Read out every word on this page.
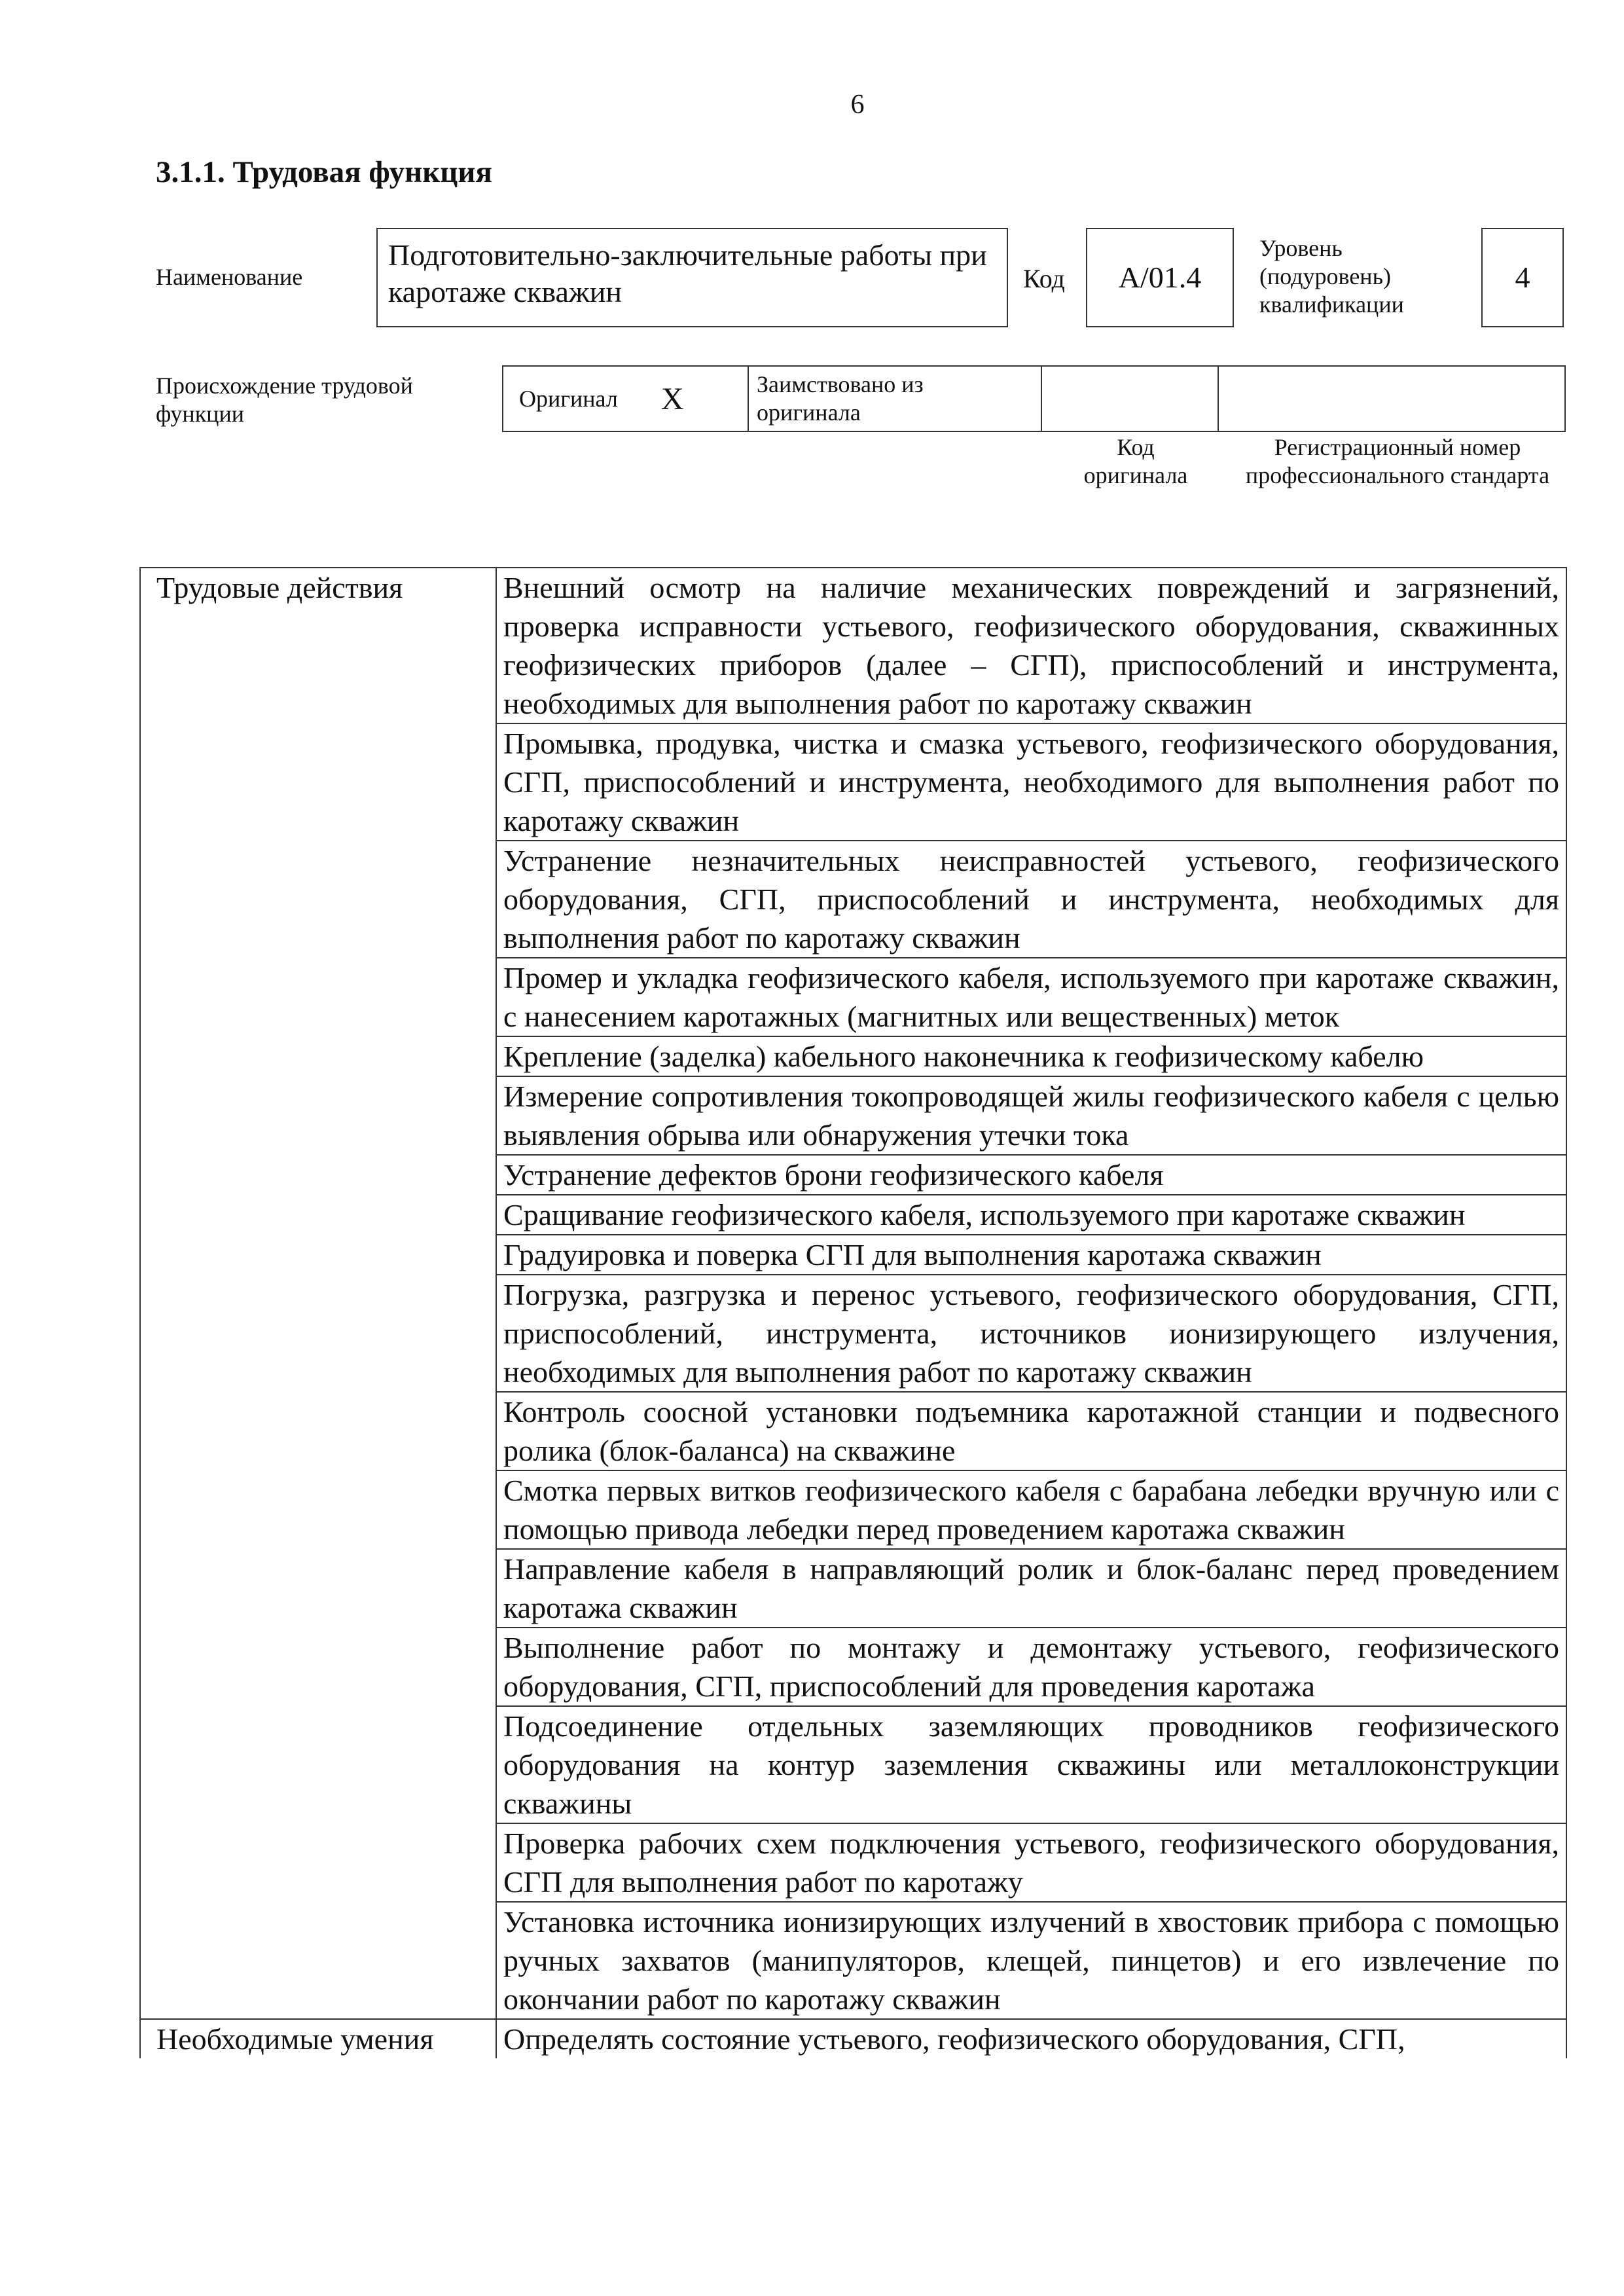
6
3.1.1. Трудовая функция
Наименование
Подготовительно-заключительные работы при каротаже скважин	Код	A/01.4
Уровень (подуровень) квалификации
4
Происхождение трудовой функции
Оригинал X	Заимствовано из оригинала
Код оригинала
Регистрационный номер профессионального стандарта
Трудовые действия	Внешний осмотр на наличие механических повреждений и загрязнений, проверка исправности устьевого, геофизического оборудования, скважинных геофизических приборов (далее – СГП), приспособлений и инструмента, необходимых для выполнения работ по каротажу скважин
	Промывка, продувка, чистка и смазка устьевого, геофизического оборудования, СГП, приспособлений и инструмента, необходимого для выполнения работ по каротажу скважин
	Устранение незначительных неисправностей устьевого, геофизического оборудования, СГП, приспособлений и инструмента, необходимых для выполнения работ по каротажу скважин
	Промер и укладка геофизического кабеля, используемого при каротаже скважин, с нанесением каротажных (магнитных или вещественных) меток
	Крепление (заделка) кабельного наконечника к геофизическому кабелю
	Измерение сопротивления токопроводящей жилы геофизического кабеля с целью выявления обрыва или обнаружения утечки тока
	Устранение дефектов брони геофизического кабеля
	Сращивание геофизического кабеля, используемого при каротаже скважин
	Градуировка и поверка СГП для выполнения каротажа скважин
	Погрузка, разгрузка и перенос устьевого, геофизического оборудования, СГП, приспособлений, инструмента, источников ионизирующего излучения, необходимых для выполнения работ по каротажу скважин
	Контроль соосной установки подъемника каротажной станции и подвесного ролика (блок-баланса) на скважине
	Смотка первых витков геофизического кабеля с барабана лебедки вручную или с помощью привода лебедки перед проведением каротажа скважин
	Направление кабеля в направляющий ролик и блок-баланс перед проведением каротажа скважин
	Выполнение работ по монтажу и демонтажу устьевого, геофизического оборудования, СГП, приспособлений для проведения каротажа
	Подсоединение отдельных заземляющих проводников геофизического оборудования на контур заземления скважины или металлоконструкции скважины
	Проверка рабочих схем подключения устьевого, геофизического оборудования, СГП для выполнения работ по каротажу
	Установка источника ионизирующих излучений в хвостовик прибора с помощью ручных захватов (манипуляторов, клещей, пинцетов) и его извлечение по окончании работ по каротажу скважин
Необходимые умения	Определять состояние устьевого, геофизического оборудования, СГП,
